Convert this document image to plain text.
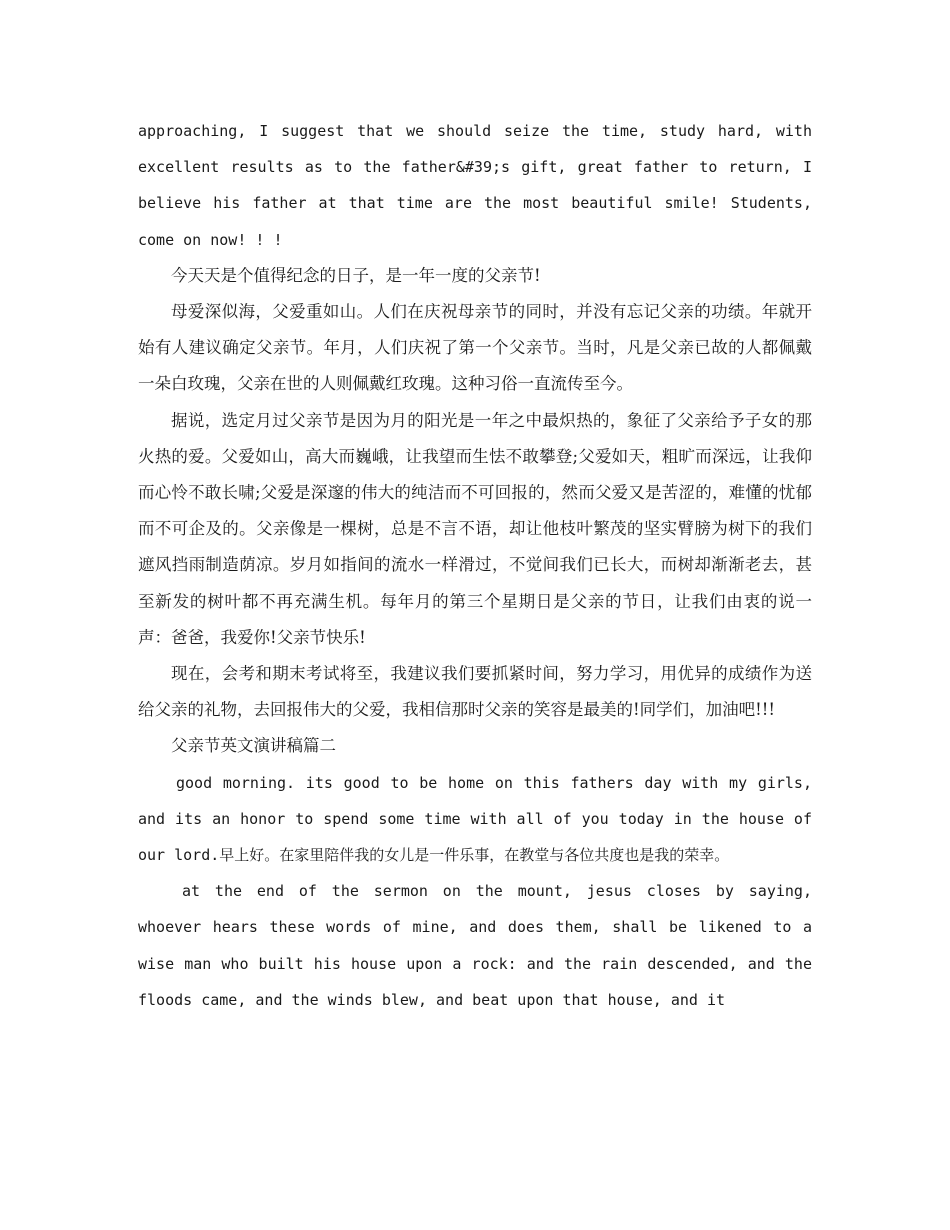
approaching, I suggest that we should seize the time, study hard, with excellent results as to the father&#39;s gift, great father to return, I believe his father at that time are the most beautiful smile! Students, come on now! ! !

今天天是个值得纪念的日子，是一年一度的父亲节!

母爱深似海，父爱重如山。人们在庆祝母亲节的同时，并没有忘记父亲的功绩。年就开始有人建议确定父亲节。年月，人们庆祝了第一个父亲节。当时，凡是父亲已故的人都佩戴一朵白玫瑰，父亲在世的人则佩戴红玫瑰。这种习俗一直流传至今。

据说，选定月过父亲节是因为月的阳光是一年之中最炽热的，象征了父亲给予子女的那火热的爱。父爱如山，高大而巍峨，让我望而生怯不敢攀登;父爱如天，粗旷而深远，让我仰而心怜不敢长啸;父爱是深邃的伟大的纯洁而不可回报的，然而父爱又是苦涩的，难懂的忧郁而不可企及的。父亲像是一棵树，总是不言不语，却让他枝叶繁茂的坚实臂膀为树下的我们遮风挡雨制造荫凉。岁月如指间的流水一样滑过，不觉间我们已长大，而树却渐渐老去，甚至新发的树叶都不再充满生机。每年月的第三个星期日是父亲的节日，让我们由衷的说一声：爸爸，我爱你!父亲节快乐!

现在，会考和期末考试将至，我建议我们要抓紧时间，努力学习，用优异的成绩作为送给父亲的礼物，去回报伟大的父爱，我相信那时父亲的笑容是最美的!同学们，加油吧!!!

父亲节英文演讲稿篇二

good morning. its good to be home on this fathers day with my girls, and its an honor to spend some time with all of you today in the house of our lord.早上好。在家里陪伴我的女儿是一件乐事，在教堂与各位共度也是我的荣幸。

at the end of the sermon on the mount, jesus closes by saying, whoever hears these words of mine, and does them, shall be likened to a wise man who built his house upon a rock: and the rain descended, and the floods came, and the winds blew, and beat upon that house, and it
